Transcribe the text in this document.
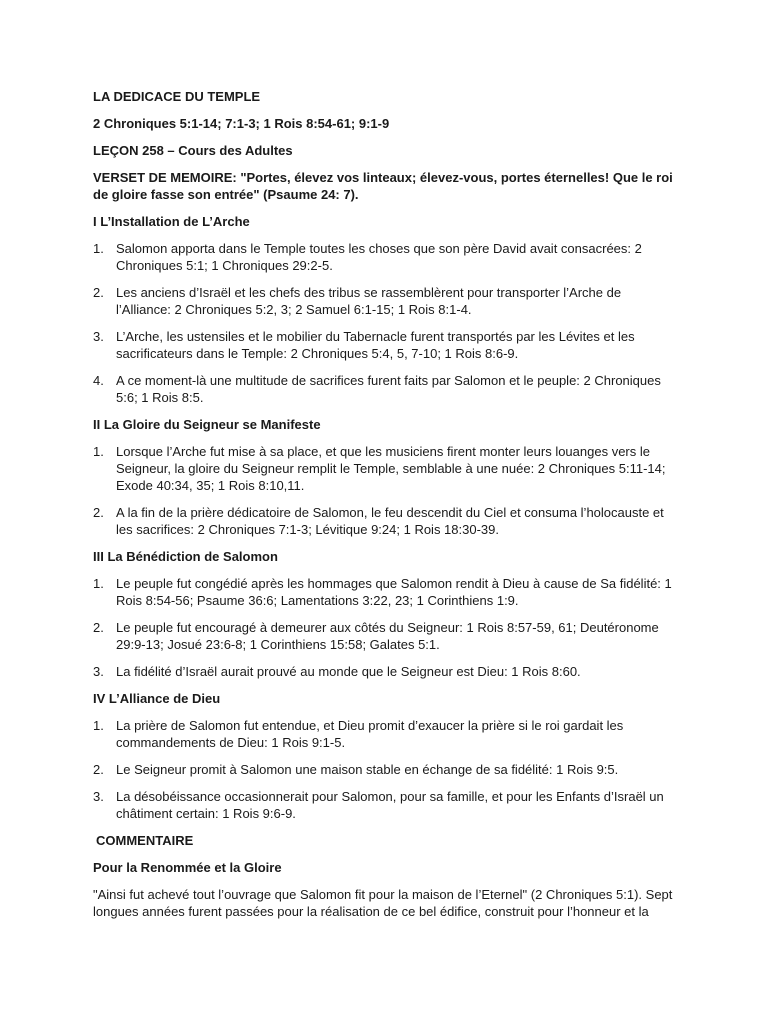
LA DEDICACE DU TEMPLE

2 Chroniques 5:1-14; 7:1-3; 1 Rois 8:54-61; 9:1-9

LEÇON 258 – Cours des Adultes

VERSET DE MEMOIRE: "Portes, élevez vos linteaux; élevez-vous, portes éternelles! Que le roi de gloire fasse son entrée" (Psaume 24: 7).

I L’Installation de L’Arche

1. Salomon apporta dans le Temple toutes les choses que son père David avait consacrées: 2 Chroniques 5:1; 1 Chroniques 29:2-5.
2. Les anciens d’Israël et les chefs des tribus se rassemblèrent pour transporter l’Arche de l’Alliance: 2 Chroniques 5:2, 3; 2 Samuel 6:1-15; 1 Rois 8:1-4.
3. L’Arche, les ustensiles et le mobilier du Tabernacle furent transportés par les Lévites et les sacrificateurs dans le Temple: 2 Chroniques 5:4, 5, 7-10; 1 Rois 8:6-9.
4. A ce moment-là une multitude de sacrifices furent faits par Salomon et le peuple: 2 Chroniques 5:6; 1 Rois 8:5.

II La Gloire du Seigneur se Manifeste

1. Lorsque l’Arche fut mise à sa place, et que les musiciens firent monter leurs louanges vers le Seigneur, la gloire du Seigneur remplit le Temple, semblable à une nuée: 2 Chroniques 5:11-14; Exode 40:34, 35; 1 Rois 8:10,11.
2. A la fin de la prière dédicatoire de Salomon, le feu descendit du Ciel et consuma l’holocauste et les sacrifices: 2 Chroniques 7:1-3; Lévitique 9:24; 1 Rois 18:30-39.

III La Bénédiction de Salomon

1. Le peuple fut congédié après les hommages que Salomon rendit à Dieu à cause de Sa fidélité: 1 Rois 8:54-56; Psaume 36:6; Lamentations 3:22, 23; 1 Corinthiens 1:9.
2. Le peuple fut encouragé à demeurer aux côtés du Seigneur: 1 Rois 8:57-59, 61; Deutéronome 29:9-13; Josué 23:6-8; 1 Corinthiens 15:58; Galates 5:1.
3. La fidélité d’Israël aurait prouvé au monde que le Seigneur est Dieu: 1 Rois 8:60.

IV L’Alliance de Dieu

1. La prière de Salomon fut entendue, et Dieu promit d’exaucer la prière si le roi gardait les commandements de Dieu: 1 Rois 9:1-5.
2. Le Seigneur promit à Salomon une maison stable en échange de sa fidélité: 1 Rois 9:5.
3. La désobéissance occasionnerait pour Salomon, pour sa famille, et pour les Enfants d’Israël un châtiment certain: 1 Rois 9:6-9.

COMMENTAIRE

Pour la Renommée et la Gloire

"Ainsi fut achevé tout l’ouvrage que Salomon fit pour la maison de l’Eternel" (2 Chroniques 5:1). Sept longues années furent passées pour la réalisation de ce bel édifice, construit pour l’honneur et la
